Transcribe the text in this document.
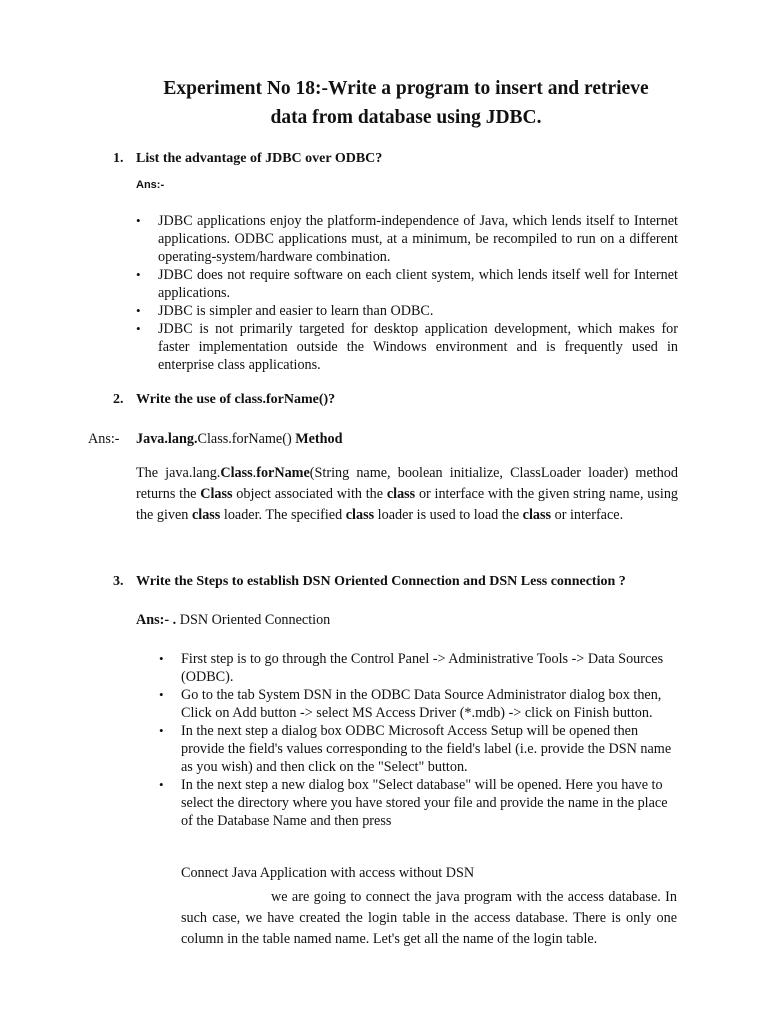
Experiment No 18:-Write a program to insert and retrieve
data from database using JDBC.
1. List the advantage of JDBC over ODBC?
Ans:-
• JDBC applications enjoy the platform-independence of Java, which lends itself to Internet applications. ODBC applications must, at a minimum, be recompiled to run on a different operating-system/hardware combination.
• JDBC does not require software on each client system, which lends itself well for Internet applications.
• JDBC is simpler and easier to learn than ODBC.
• JDBC is not primarily targeted for desktop application development, which makes for faster implementation outside the Windows environment and is frequently used in enterprise class applications.
2. Write the use of class.forName()?
Ans:- Java.lang.Class.forName() Method
The java.lang.Class.forName(String name, boolean initialize, ClassLoader loader) method returns the Class object associated with the class or interface with the given string name, using the given class loader. The specified class loader is used to load the class or interface.
3. Write the Steps to establish DSN Oriented Connection and DSN Less connection ?
Ans:- . DSN Oriented Connection
• First step is to go through the Control Panel -> Administrative Tools -> Data Sources (ODBC).
• Go to the tab System DSN in the ODBC Data Source Administrator dialog box then, Click on Add button -> select MS Access Driver (*.mdb) -> click on Finish button.
• In the next step a dialog box ODBC Microsoft Access Setup will be opened then provide the field's values corresponding to the field's label (i.e. provide the DSN name as you wish) and then click on the "Select" button.
• In the next step a new dialog box "Select database" will be opened. Here you have to select the directory where you have stored your file and provide the name in the place of the Database Name and then press
Connect Java Application with access without DSN
we are going to connect the java program with the access database. In such case, we have created the login table in the access database. There is only one column in the table named name. Let's get all the name of the login table.
